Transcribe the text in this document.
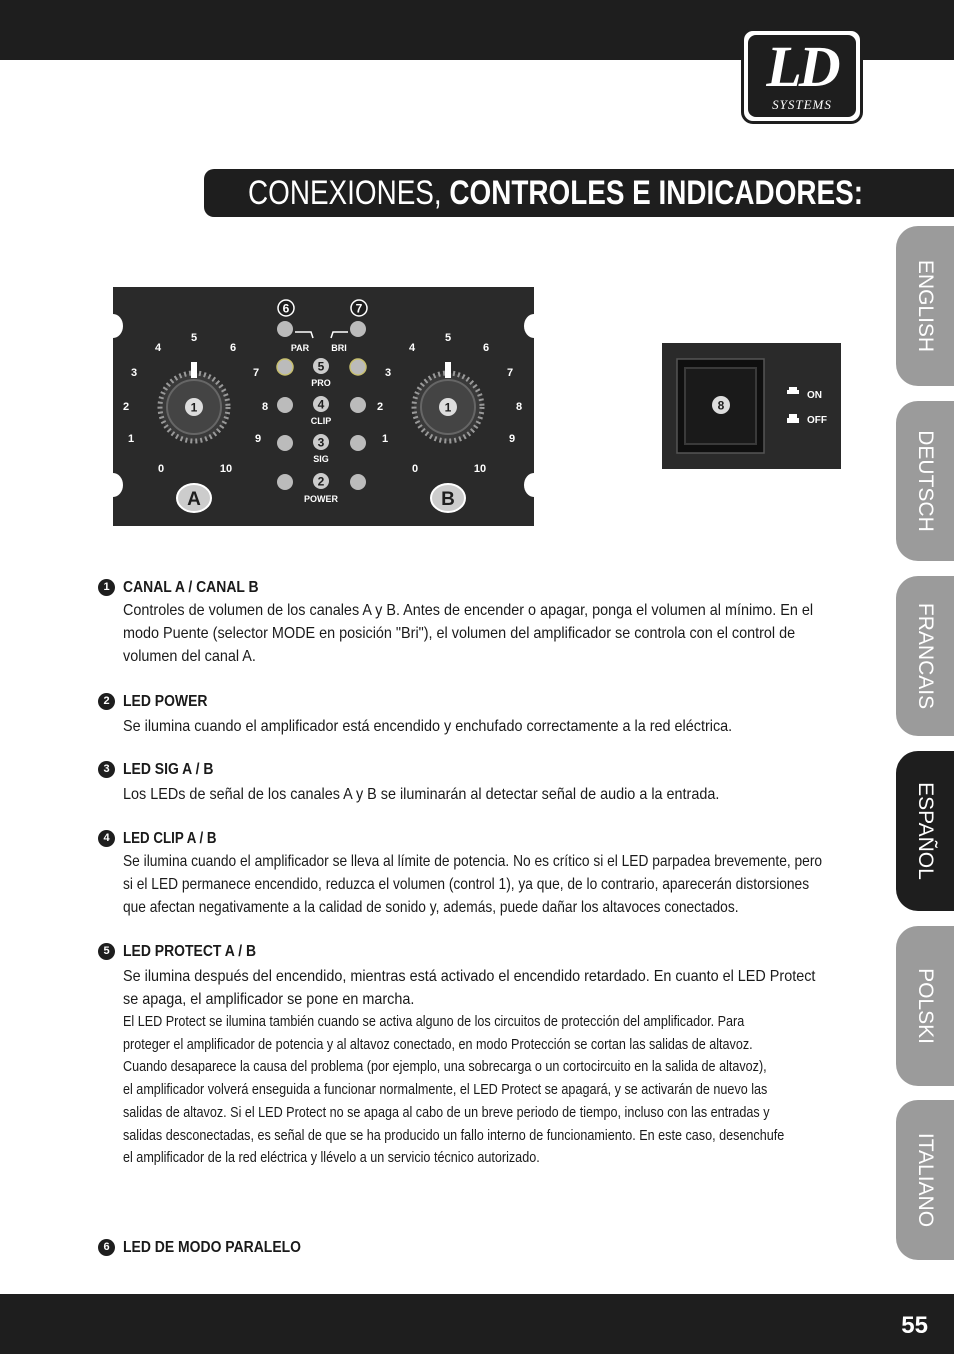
LD
SYSTEMS
CONEXIONES, CONTROLES E INDICADORES:
ENGLISH
DEUTSCH
FRANCAIS
ESPAÑOL
POLSKI
ITALIANO
1
0
1
2
3
4
5
6
7
8
9
10
1
0
1
2
3
4
5
6
7
8
9
10
A	B
6	7
PAR BRI
5
PRO
4
CLIP
3
SIG
2
POWER
8
ON
OFF
1 CANAL A / CANAL B

Controles de volumen de los canales A y B. Antes de encender o apagar, ponga el volumen al mínimo. En el

modo Puente (selector MODE en posición "Bri"), el volumen del amplificador se controla con el control de

volumen del canal A.

2 LED POWER

Se ilumina cuando el amplificador está encendido y enchufado correctamente a la red eléctrica.

3 LED SIG A / B

Los LEDs de señal de los canales A y B se iluminarán al detectar señal de audio a la entrada.

4 LED CLIP A / B

Se ilumina cuando el amplificador se lleva al límite de potencia. No es crítico si el LED parpadea brevemente, pero

si el LED permanece encendido, reduzca el volumen (control 1), ya que, de lo contrario, aparecerán distorsiones

que afectan negativamente a la calidad de sonido y, además, puede dañar los altavoces conectados.

5 LED PROTECT A / B

Se ilumina después del encendido, mientras está activado el encendido retardado. En cuanto el LED Protect

se apaga, el amplificador se pone en marcha.

El LED Protect se ilumina también cuando se activa alguno de los circuitos de protección del amplificador. Para

proteger el amplificador de potencia y al altavoz conectado, en modo Protección se cortan las salidas de altavoz.

Cuando desaparece la causa del problema (por ejemplo, una sobrecarga o un cortocircuito en la salida de altavoz),

el amplificador volverá enseguida a funcionar normalmente, el LED Protect se apagará, y se activarán de nuevo las

salidas de altavoz. Si el LED Protect no se apaga al cabo de un breve periodo de tiempo, incluso con las entradas y

salidas desconectadas, es señal de que se ha producido un fallo interno de funcionamiento. En este caso, desenchufe

el amplificador de la red eléctrica y llévelo a un servicio técnico autorizado.

6 LED DE MODO PARALELO

55
